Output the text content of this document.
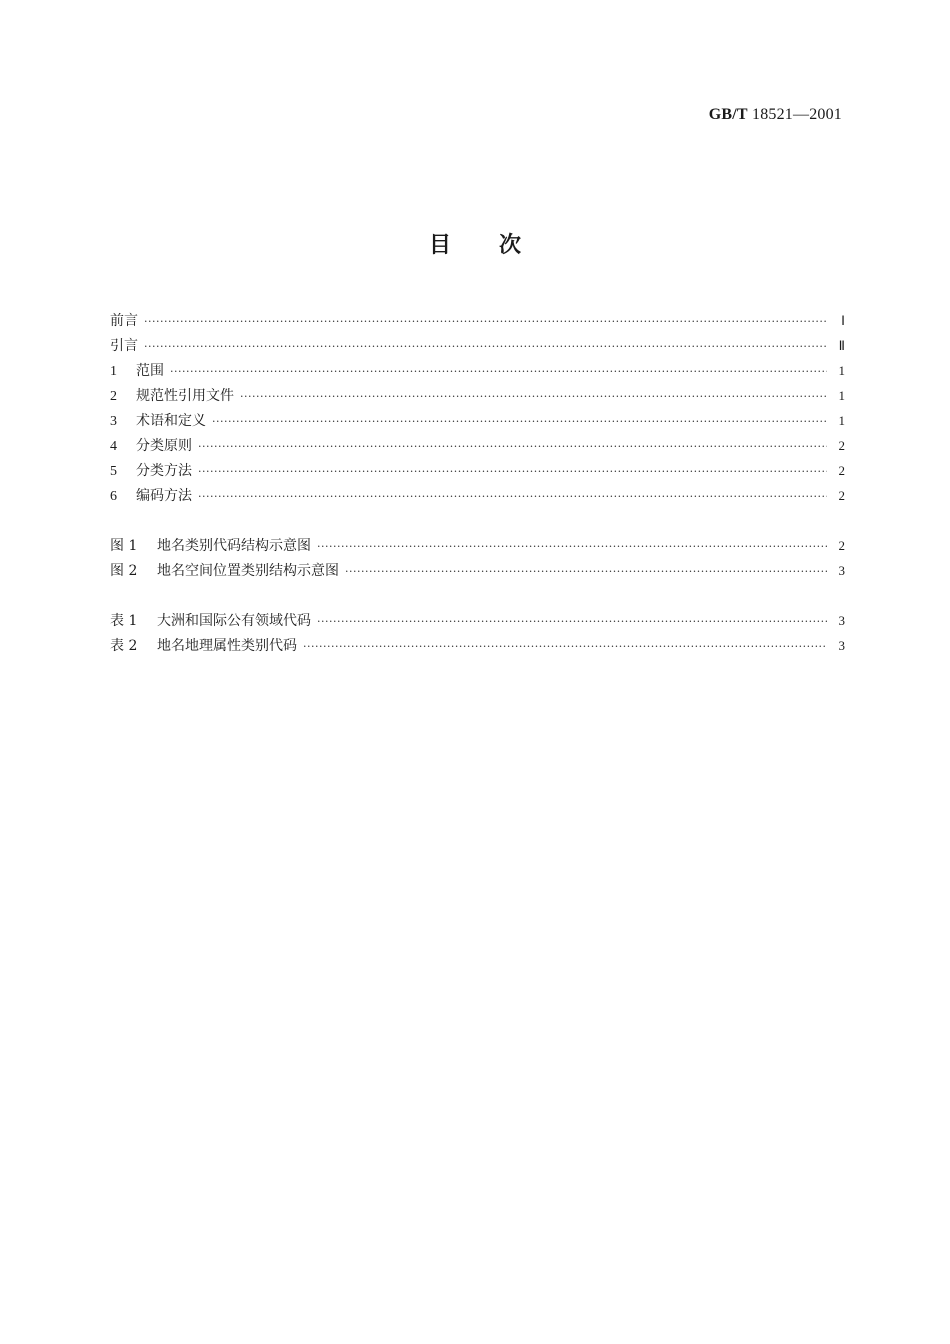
GB/T 18521—2001
目 次
前言 ·····	Ⅰ
引言 ·····	Ⅱ
1	范围 ·····	1
2	规范性引用文件 ·····	1
3	术语和定义 ·····	1
4	分类原则 ·····	2
5	分类方法 ·····	2
6	编码方法 ·····	2
图 1	地名类别代码结构示意图 ·····	2
图 2	地名空间位置类别结构示意图 ·····	3
表 1	大洲和国际公有领域代码 ·····	3
表 2	地名地理属性类别代码 ·····	3
